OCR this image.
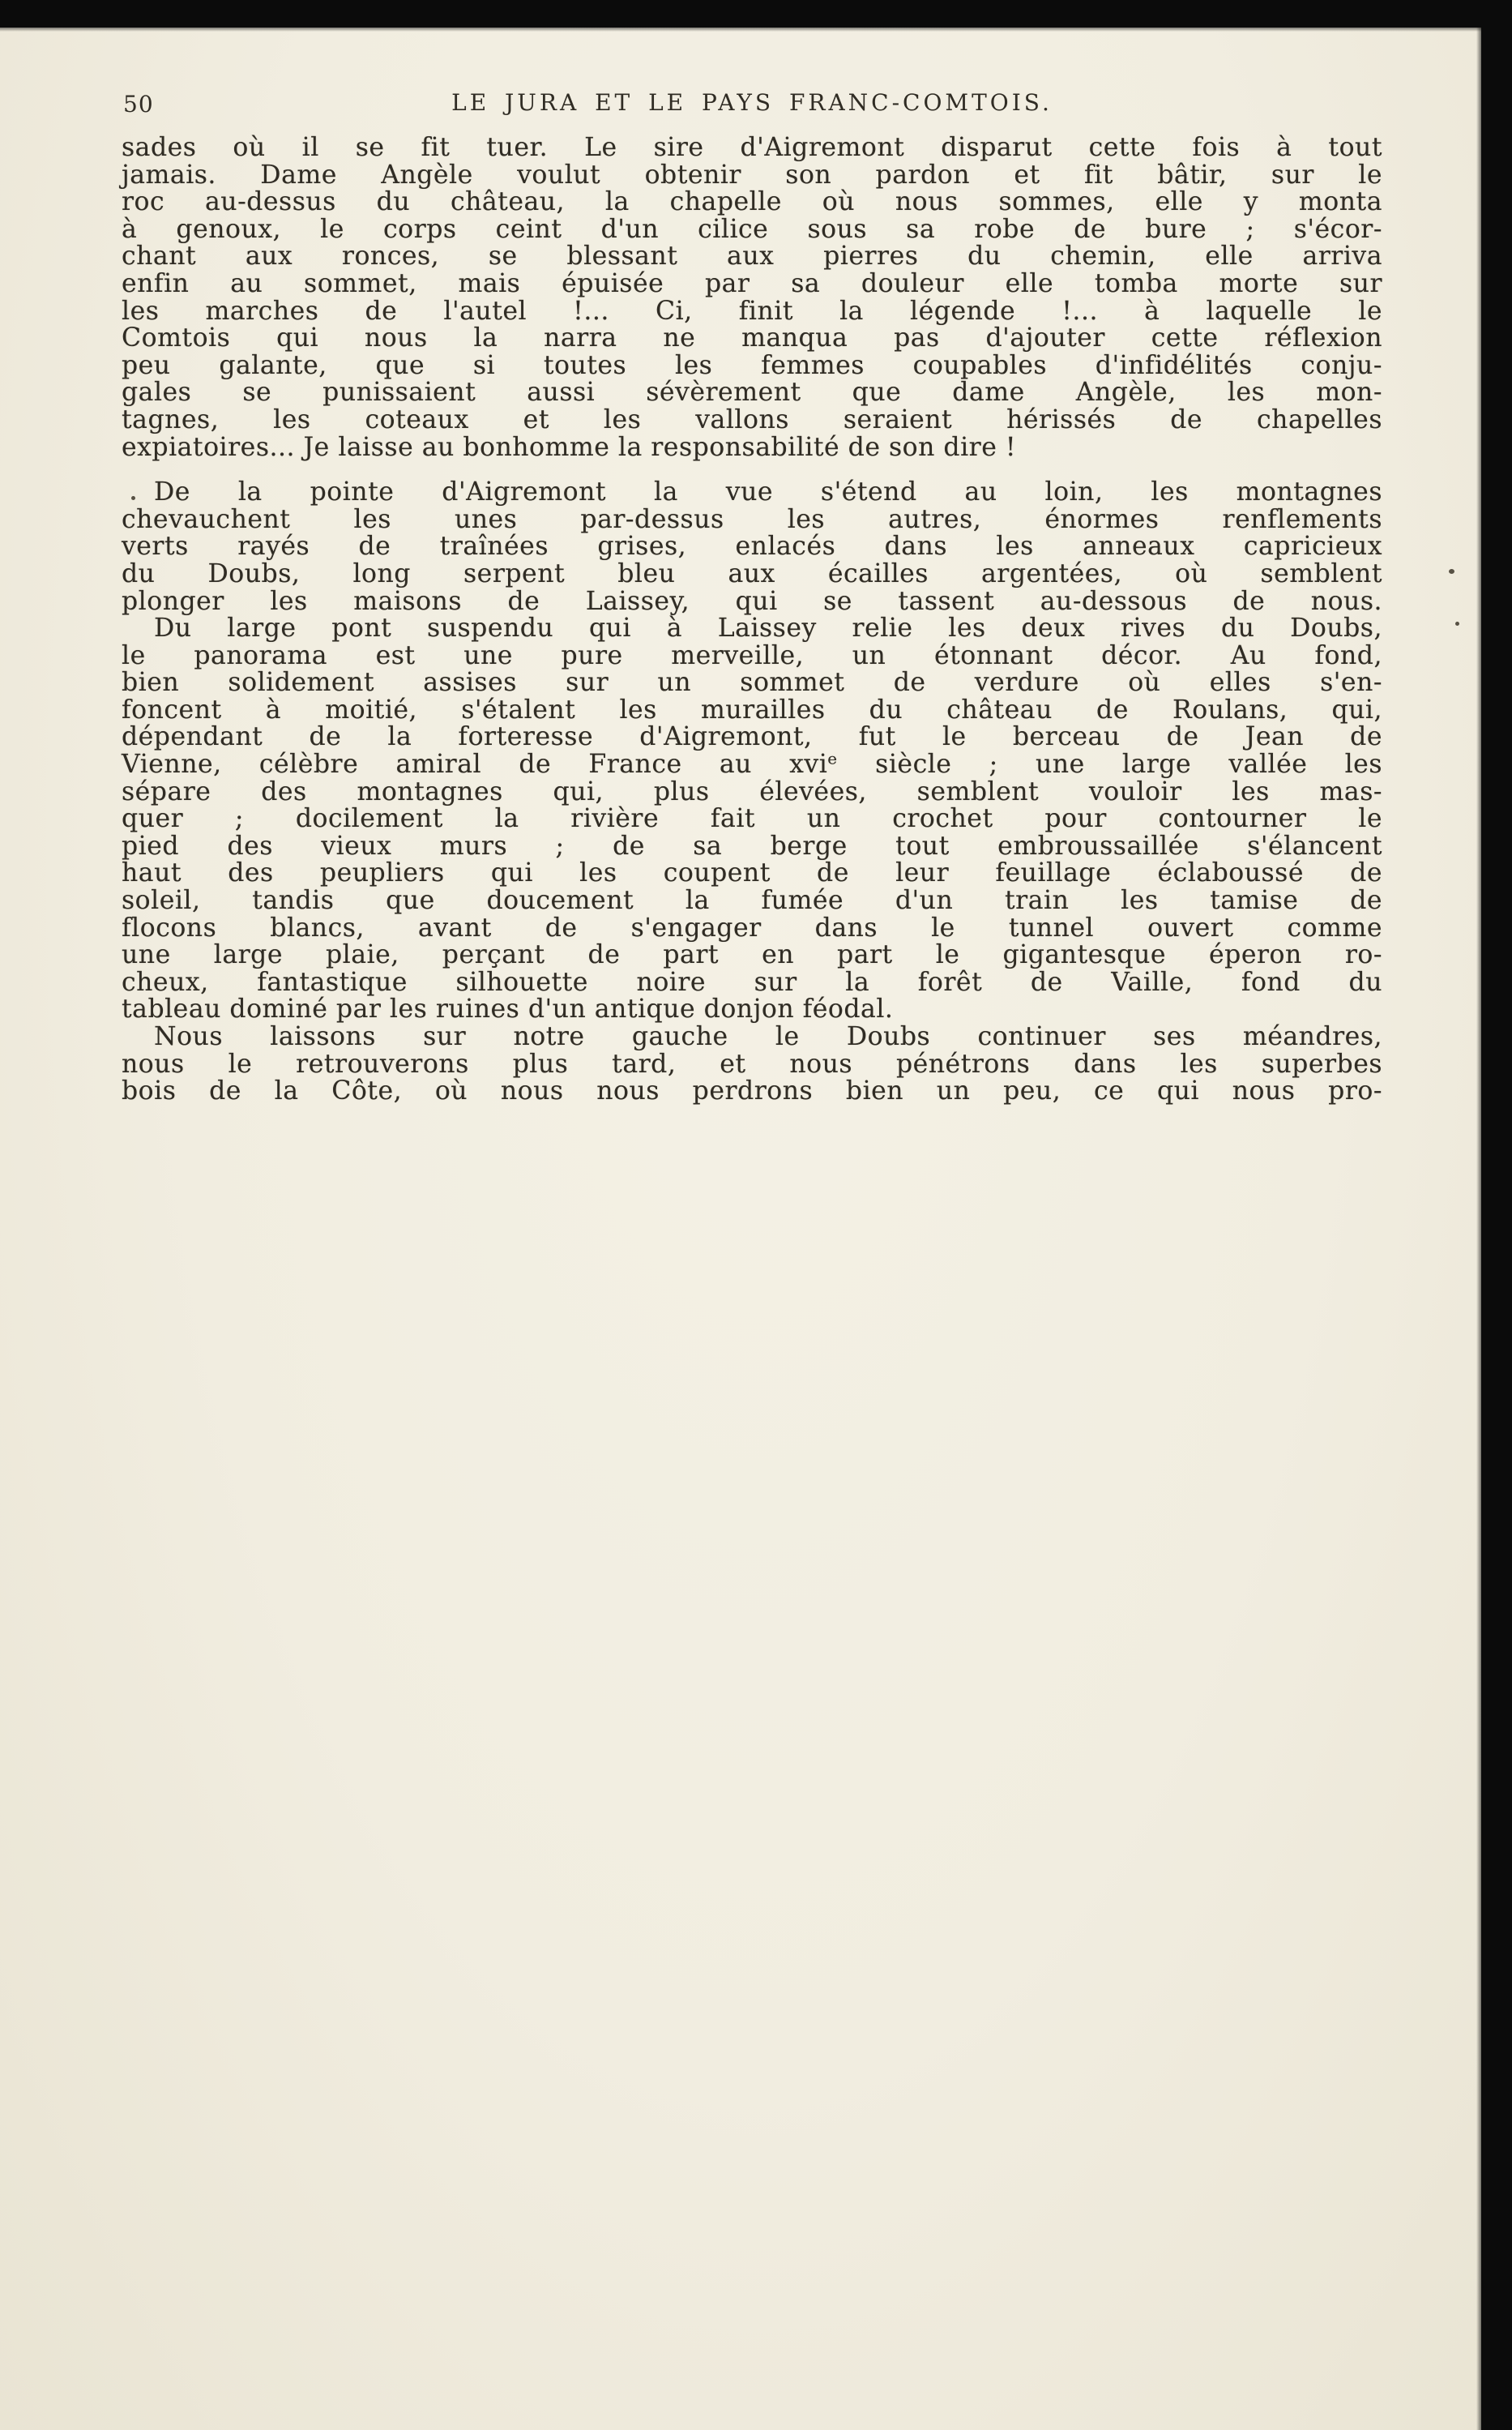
50	LE JURA ET LE PAYS FRANC-COMTOIS.
sades où il se fit tuer. Le sire d'Aigremont disparut cette fois à tout
jamais. Dame Angèle voulut obtenir son pardon et fit bâtir, sur le
roc au-dessus du château, la chapelle où nous sommes, elle y monta
à genoux, le corps ceint d'un cilice sous sa robe de bure ; s'écor-
chant aux ronces, se blessant aux pierres du chemin, elle arriva
enfin au sommet, mais épuisée par sa douleur elle tomba morte sur
les marches de l'autel !... Ci, finit la légende !... à laquelle le
Comtois qui nous la narra ne manqua pas d'ajouter cette réflexion
peu galante, que si toutes les femmes coupables d'infidélités conju-
gales se punissaient aussi sévèrement que dame Angèle, les mon-
tagnes, les coteaux et les vallons seraient hérissés de chapelles
expiatoires... Je laisse au bonhomme la responsabilité de son dire !
De la pointe d'Aigremont la vue s'étend au loin, les montagnes
chevauchent les unes par-dessus les autres, énormes renflements
verts rayés de traînées grises, enlacés dans les anneaux capricieux
du Doubs, long serpent bleu aux écailles argentées, où semblent
plonger les maisons de Laissey, qui se tassent au-dessous de nous.
Du large pont suspendu qui à Laissey relie les deux rives du Doubs,
le panorama est une pure merveille, un étonnant décor. Au fond,
bien solidement assises sur un sommet de verdure où elles s'en-
foncent à moitié, s'étalent les murailles du château de Roulans, qui,
dépendant de la forteresse d'Aigremont, fut le berceau de Jean de
Vienne, célèbre amiral de France au xviᵉ siècle ; une large vallée les
sépare des montagnes qui, plus élevées, semblent vouloir les mas-
quer ; docilement la rivière fait un crochet pour contourner le
pied des vieux murs ; de sa berge tout embroussaillée s'élancent
haut des peupliers qui les coupent de leur feuillage éclaboussé de
soleil, tandis que doucement la fumée d'un train les tamise de
flocons blancs, avant de s'engager dans le tunnel ouvert comme
une large plaie, perçant de part en part le gigantesque éperon ro-
cheux, fantastique silhouette noire sur la forêt de Vaille, fond du
tableau dominé par les ruines d'un antique donjon féodal.
Nous laissons sur notre gauche le Doubs continuer ses méandres,
nous le retrouverons plus tard, et nous pénétrons dans les superbes
bois de la Côte, où nous nous perdrons bien un peu, ce qui nous pro-
